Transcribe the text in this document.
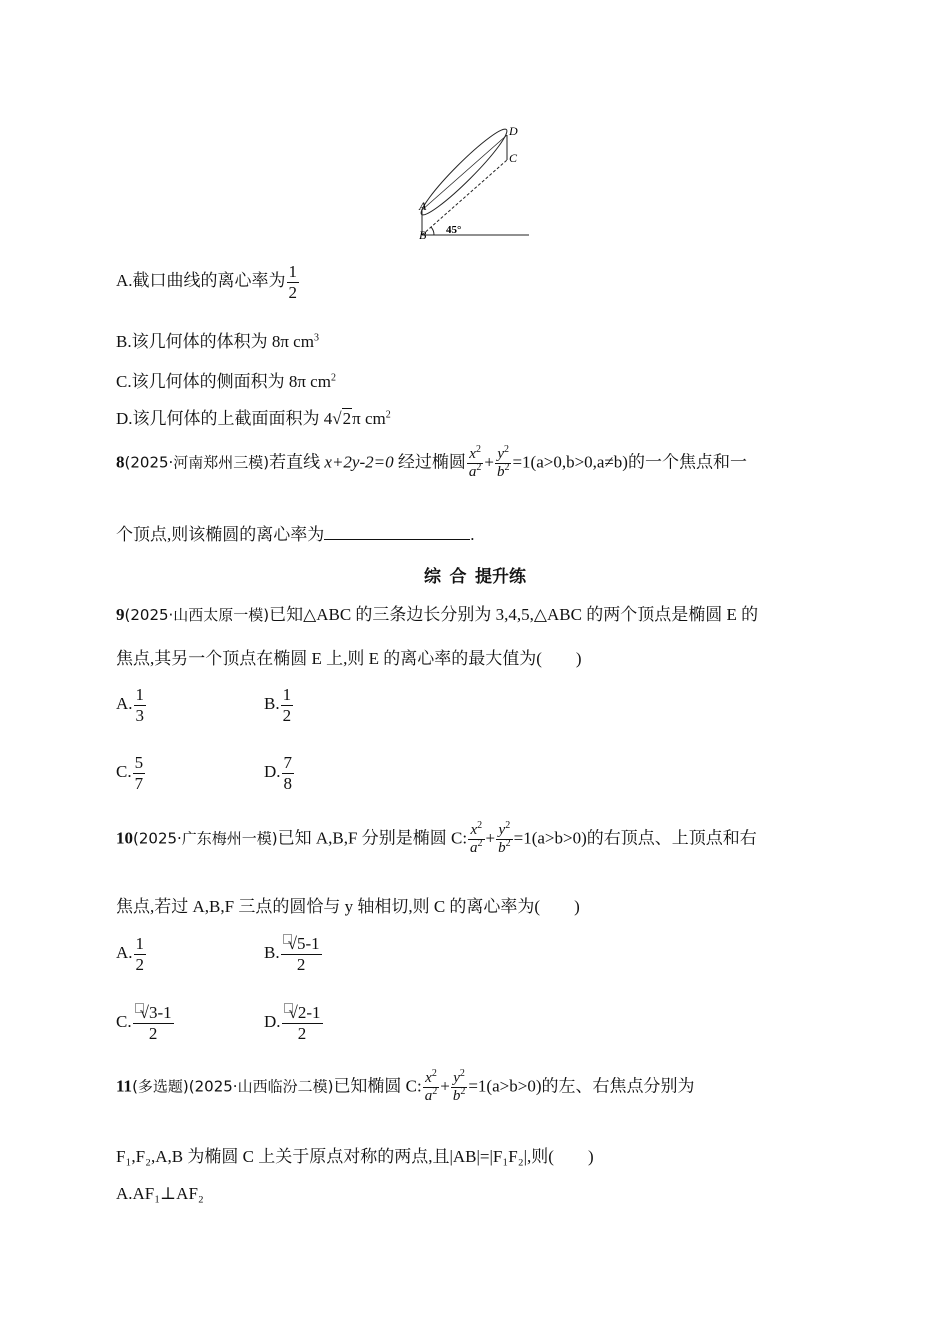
D
C
A
B 45°
A.截口曲线的离心率为 $\frac{1}{2}$
B.该几何体的体积为 8π $cm^3$
C.该几何体的侧面积为 8π $cm^2$
D.该几何体的上截面面积为 4√2π $cm^2$
8(2025·河南郑州三模)若直线 x+2y-2=0 经过椭圆 $\frac{x^2}{a^2} + \frac{y^2}{b^2} =1(a>0,b>0,a\ne b)$的一个焦点和一
个顶点,则该椭圆的离心率为	.
综  合  提升练
9(2025·山西太原一模)已知△ABC 的三条边长分别为 3,4,5,△ABC 的两个顶点是椭圆 E 的
焦点,其另一个顶点在椭圆 E 上,则 E 的离心率的最大值为(        )
A. $\frac{1}{3}$	B. $\frac{1}{2}$
C. $\frac{5}{7}$	D. $\frac{7}{8}$
10(2025·广东梅州一模)已知 A,B,F 分别是椭圆 C: $\frac{x^2}{a^2} + \frac{y^2}{b^2} =1(a>b>0)$的右顶点、上顶点和右
焦点,若过 A,B,F 三点的圆恰与 y 轴相切,则 C 的离心率为(        )
A. $\frac{1}{2}$	B. $\frac{√5-1}{2}$
C. $\frac{√3-1}{2}$	D. $\frac{√2-1}{2}$
11(多选题)(2025·山西临汾二模)已知椭圆 C: $\frac{x^2}{a^2} + \frac{y^2}{b^2} =1(a>b>0)$的左、右焦点分别为
F₁,F₂,A,B 为椭圆 C 上关于原点对称的两点,且|AB|=|F₁F₂|,则(        )
A.AF₁⊥AF₂
